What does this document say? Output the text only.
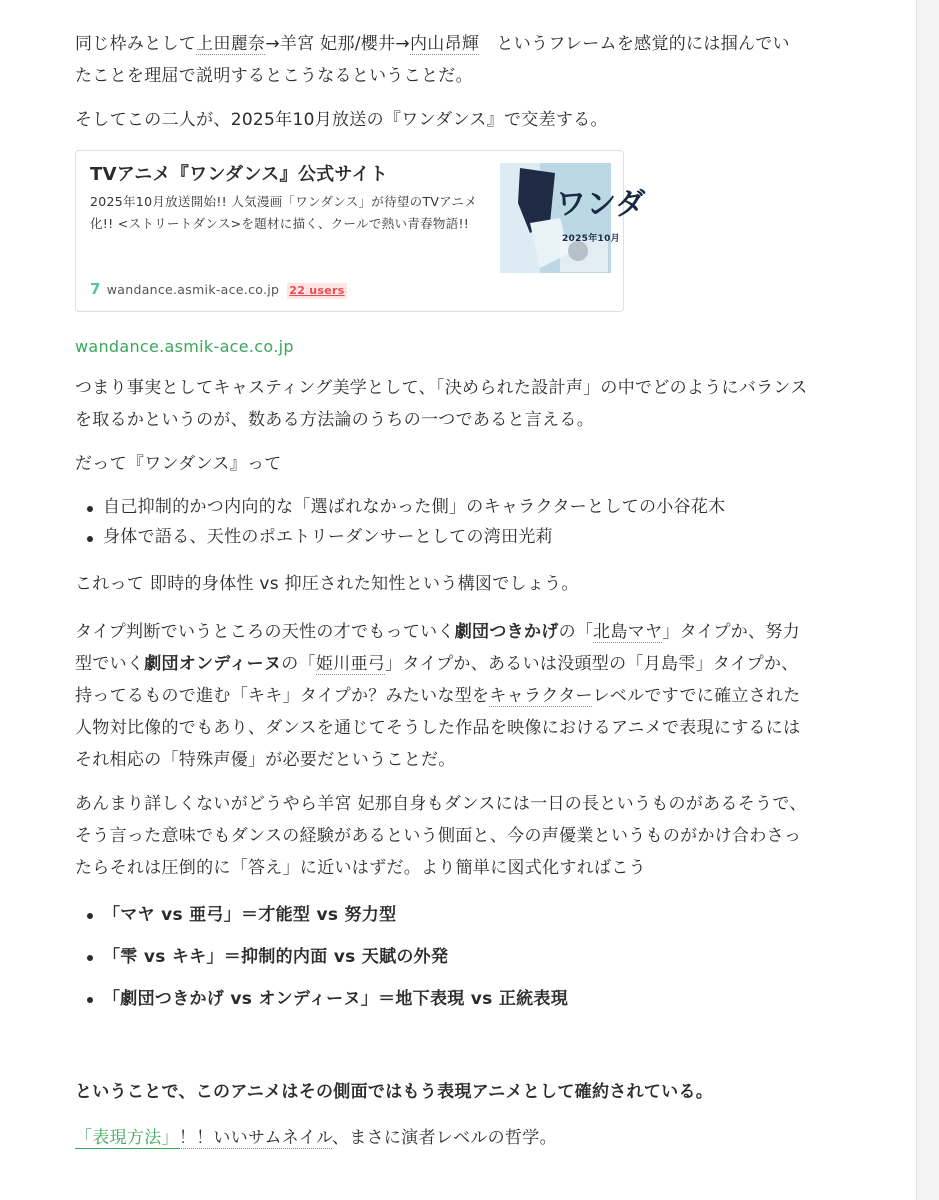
同じ枠みとして上田麗奈→羊宮 妃那/櫻井→内山昂輝　というフレームを感覚的には掴んでい
たことを理屈で説明するとこうなるということだ。
そしてこの二人が、2025年10月放送の『ワンダンス』で交差する。
TVアニメ『ワンダンス』公式サイト
2025年10月放送開始!! 人気漫画「ワンダンス」が待望のTVアニメ化!! <ストリートダンス>を題材に描く、クールで熱い青春物語!!
ワンダ
2025年10月
7 wandance.asmik-ace.co.jp 22 users
wandance.asmik-ace.co.jp
つまり事実としてキャスティング美学として、「決められた設計声」の中でどのようにバランス
を取るかというのが、数ある方法論のうちの一つであると言える。
だって『ワンダンス』って
自己抑制的かつ内向的な「選ばれなかった側」のキャラクターとしての小谷花木
身体で語る、天性のポエトリーダンサーとしての湾田光莉
これって 即時的身体性 vs 抑圧された知性という構図でしょう。
タイプ判断でいうところの天性の才でもっていく劇団つきかげの「北島マヤ」タイプか、努力
型でいく劇団オンディーヌの「姫川亜弓」タイプか、あるいは没頭型の「月島雫」タイプか、
持ってるもので進む「キキ」タイプか？みたいな型をキャラクターレベルですでに確立された
人物対比像的でもあり、ダンスを通じてそうした作品を映像におけるアニメで表現にするには
それ相応の「特殊声優」が必要だということだ。
あんまり詳しくないがどうやら羊宮 妃那自身もダンスには一日の長というものがあるそうで、
そう言った意味でもダンスの経験があるという側面と、今の声優業というものがかけ合わさっ
たらそれは圧倒的に「答え」に近いはずだ。より簡単に図式化すればこう
「マヤ vs 亜弓」＝才能型 vs 努力型
「雫 vs キキ」＝抑制的内面 vs 天賦の外発
「劇団つきかげ vs オンディーヌ」＝地下表現 vs 正統表現
ということで、このアニメはその側面ではもう表現アニメとして確約されている。
「表現方法」！！いいサムネイル、まさに演者レベルの哲学。
